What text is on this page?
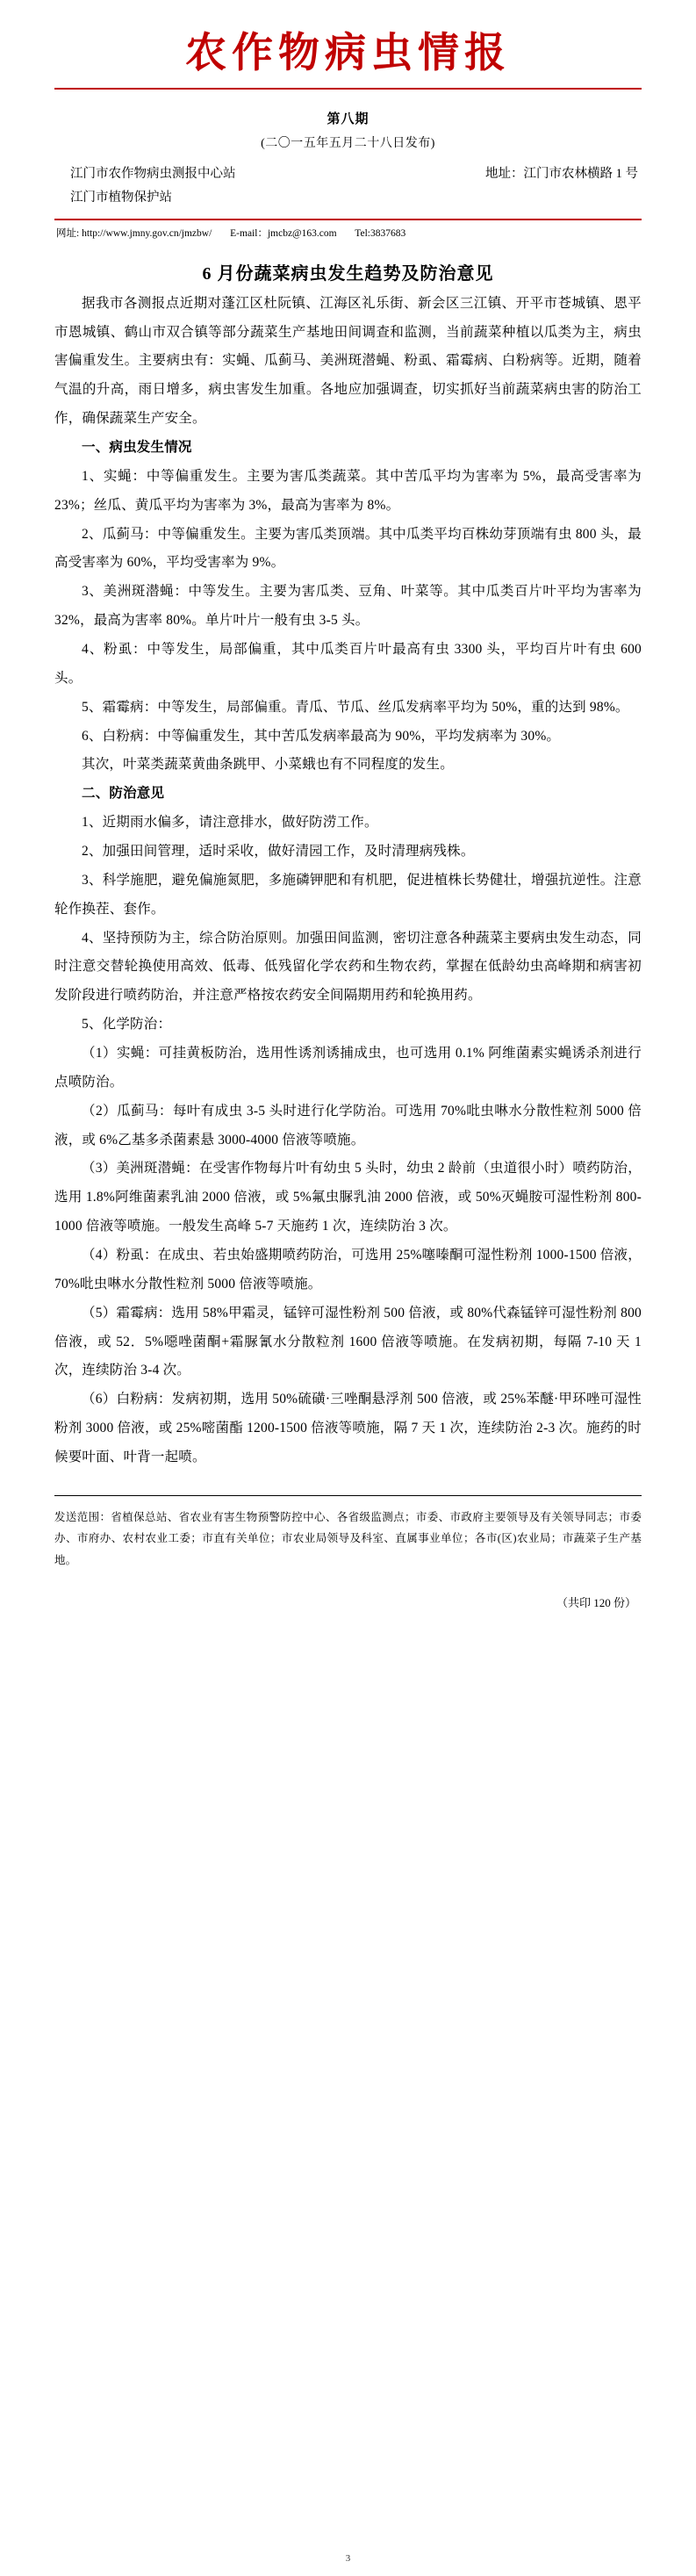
农作物病虫情报
第八期
(二〇一五年五月二十八日发布)
江门市农作物病虫测报中心站
江门市植物保护站
地址：江门市农林横路 1 号
网址: http://www.jmny.gov.cn/jmzbw/ E-mail：jmcbz@163.com Tel:3837683
6 月份蔬菜病虫发生趋势及防治意见

据我市各测报点近期对蓬江区杜阮镇、江海区礼乐街、新会区三江镇、开平市苍城镇、恩平市恩城镇、鹤山市双合镇等部分蔬菜生产基地田间调查和监测，当前蔬菜种植以瓜类为主，病虫害偏重发生。主要病虫有：实蝇、瓜蓟马、美洲斑潜蝇、粉虱、霜霉病、白粉病等。近期，随着气温的升高，雨日增多，病虫害发生加重。各地应加强调查，切实抓好当前蔬菜病虫害的防治工作，确保蔬菜生产安全。

一、病虫发生情况

1、实蝇：中等偏重发生。主要为害瓜类蔬菜。其中苦瓜平均为害率为 5%，最高受害率为 23%；丝瓜、黄瓜平均为害率为 3%，最高为害率为 8%。

2、瓜蓟马：中等偏重发生。主要为害瓜类顶端。其中瓜类平均百株幼芽顶端有虫 800 头，最高受害率为 60%，平均受害率为 9%。

3、美洲斑潜蝇：中等发生。主要为害瓜类、豆角、叶菜等。其中瓜类百片叶平均为害率为 32%，最高为害率 80%。单片叶片一般有虫 3-5 头。

4、粉虱：中等发生，局部偏重，其中瓜类百片叶最高有虫 3300 头，平均百片叶有虫 600 头。

5、霜霉病：中等发生，局部偏重。青瓜、节瓜、丝瓜发病率平均为 50%，重的达到 98%。

6、白粉病：中等偏重发生，其中苦瓜发病率最高为 90%，平均发病率为 30%。

其次，叶菜类蔬菜黄曲条跳甲、小菜蛾也有不同程度的发生。

二、防治意见

1、近期雨水偏多，请注意排水，做好防涝工作。

2、加强田间管理，适时采收，做好清园工作，及时清理病残株。

3、科学施肥，避免偏施氮肥，多施磷钾肥和有机肥，促进植株长势健壮，增强抗逆性。注意轮作换茬、套作。

4、坚持预防为主，综合防治原则。加强田间监测，密切注意各种蔬菜主要病虫发生动态，同时注意交替轮换使用高效、低毒、低残留化学农药和生物农药，掌握在低龄幼虫高峰期和病害初发阶段进行喷药防治，并注意严格按农药安全间隔期用药和轮换用药。

5、化学防治：

（1）实蝇：可挂黄板防治，选用性诱剂诱捕成虫，也可选用 0.1% 阿维菌素实蝇诱杀剂进行点喷防治。

（2）瓜蓟马：每叶有成虫 3-5 头时进行化学防治。可选用 70%吡虫啉水分散性粒剂 5000 倍液，或 6%乙基多杀菌素悬 3000-4000 倍液等喷施。

（3）美洲斑潜蝇：在受害作物每片叶有幼虫 5 头时，幼虫 2 龄前（虫道很小时）喷药防治，选用 1.8%阿维菌素乳油 2000 倍液，或 5%氟虫脲乳油 2000 倍液，或 50%灭蝇胺可湿性粉剂 800-1000 倍液等喷施。一般发生高峰 5-7 天施药 1 次，连续防治 3 次。

（4）粉虱：在成虫、若虫始盛期喷药防治，可选用 25%噻嗪酮可湿性粉剂 1000-1500 倍液，70%吡虫啉水分散性粒剂 5000 倍液等喷施。

（5）霜霉病：选用 58%甲霜灵，锰锌可湿性粉剂 500 倍液，或 80%代森锰锌可湿性粉剂 800 倍液，或 52．5%噁唑菌酮+霜脲氰水分散粒剂 1600 倍液等喷施。在发病初期，每隔 7-10 天 1 次，连续防治 3-4 次。

（6）白粉病：发病初期，选用 50%硫磺·三唑酮悬浮剂 500 倍液，或 25%苯醚·甲环唑可湿性粉剂 3000 倍液，或 25%嘧菌酯 1200-1500 倍液等喷施，隔 7 天 1 次，连续防治 2-3 次。施药的时候要叶面、叶背一起喷。

发送范围：省植保总站、省农业有害生物预警防控中心、各省级监测点；市委、市政府主要领导及有关领导同志；市委办、市府办、农村农业工委；市直有关单位；市农业局领导及科室、直属事业单位；各市(区)农业局；市蔬菜子生产基地。

（共印 120 份）
3
